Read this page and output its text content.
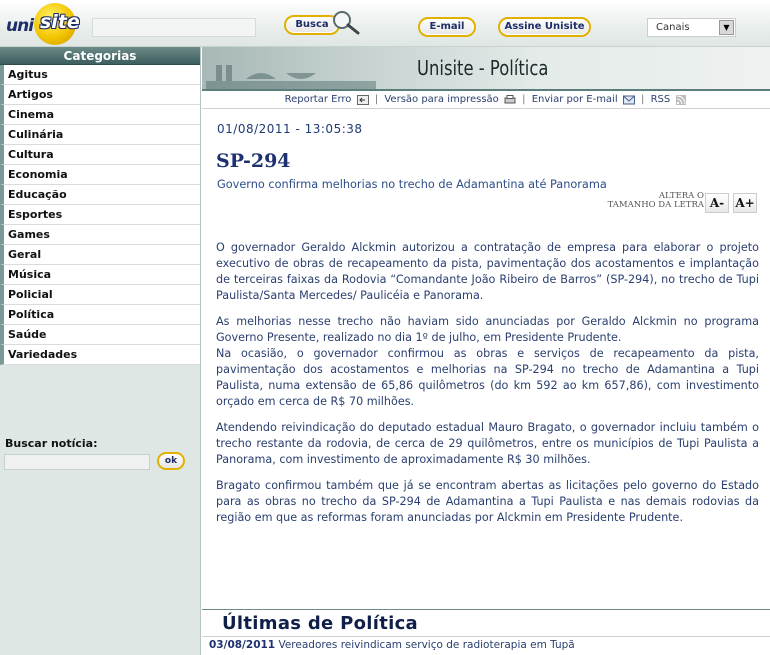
uni site	Busca	E-mail	Assine Unisite	Canais	▼
Categorias
Agitus
Artigos
Cinema
Culinária
Cultura
Economia
Educação
Esportes
Games
Geral
Música
Policial
Política
Saúde
Variedades
Buscar notícia:
ok
Unisite - Política
Reportar Erro | Versão para impressão | Enviar por E-mail | RSS
01/08/2011 - 13:05:38
SP-294
Governo confirma melhorias no trecho de Adamantina até Panorama
ALTERA O
TAMANHO DA LETRA A- A+

O governador Geraldo Alckmin autorizou a contratação de empresa para elaborar o projeto executivo de obras de recapeamento da pista, pavimentação dos acostamentos e implantação de terceiras faixas da Rodovia “Comandante João Ribeiro de Barros” (SP-294), no trecho de Tupi Paulista/Santa Mercedes/ Paulicéia e Panorama.

As melhorias nesse trecho não haviam sido anunciadas por Geraldo Alckmin no programa Governo Presente, realizado no dia 1º de julho, em Presidente Prudente.

Na ocasião, o governador confirmou as obras e serviços de recapeamento da pista, pavimentação dos acostamentos e melhorias na SP-294 no trecho de Adamantina a Tupi Paulista, numa extensão de 65,86 quilômetros (do km 592 ao km 657,86), com investimento orçado em cerca de R$ 70 milhões.

Atendendo reivindicação do deputado estadual Mauro Bragato, o governador incluiu também o trecho restante da rodovia, de cerca de 29 quilômetros, entre os municípios de Tupi Paulista a Panorama, com investimento de aproximadamente R$ 30 milhões.

Bragato confirmou também que já se encontram abertas as licitações pelo governo do Estado para as obras no trecho da SP-294 de Adamantina a Tupi Paulista e nas demais rodovias da região em que as reformas foram anunciadas por Alckmin em Presidente Prudente.

Últimas de Política
03/08/2011 Vereadores reivindicam serviço de radioterapia em Tupã
